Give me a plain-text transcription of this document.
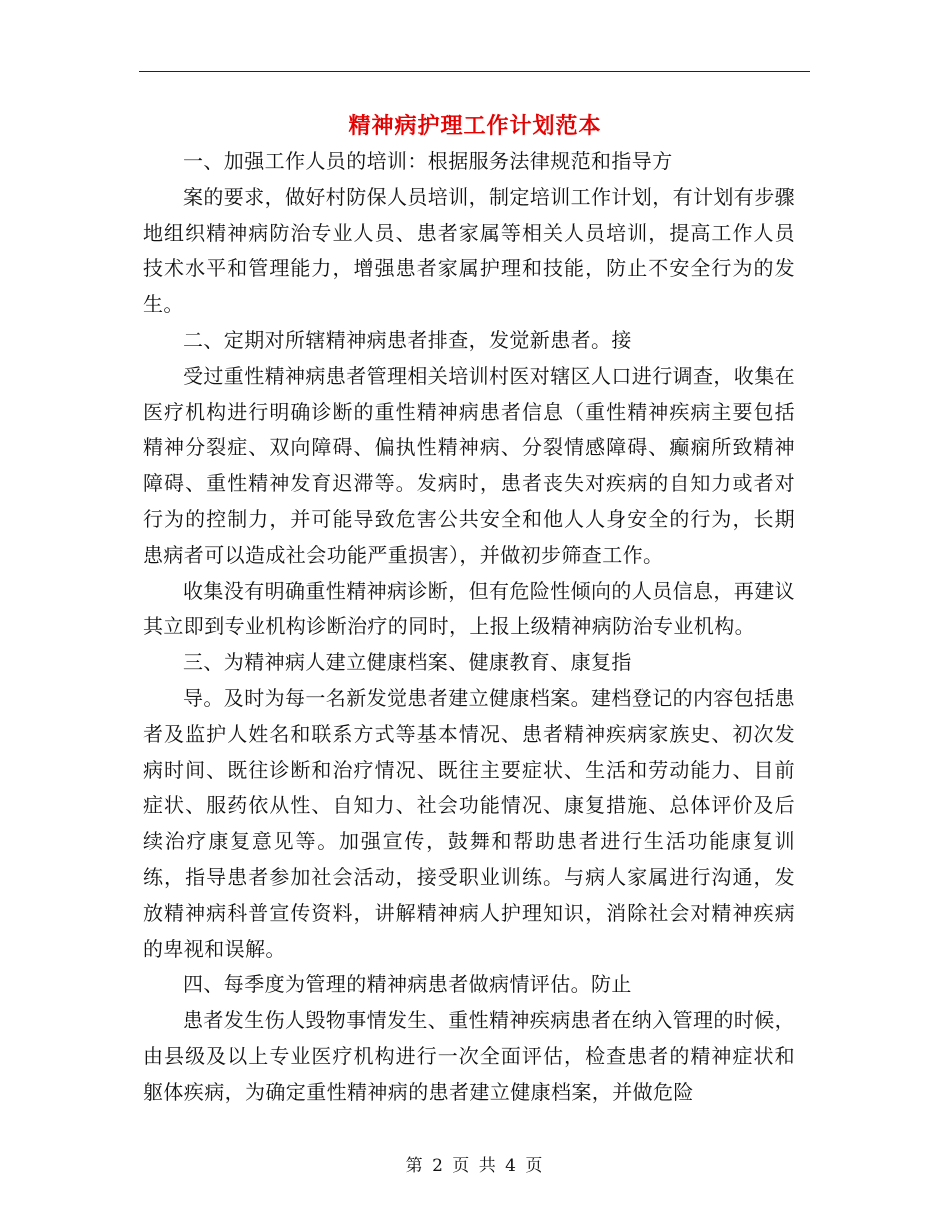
精神病护理工作计划范本

一、加强工作人员的培训：根据服务法律规范和指导方

案的要求，做好村防保人员培训，制定培训工作计划，有计划有步骤地组织精神病防治专业人员、患者家属等相关人员培训，提高工作人员技术水平和管理能力，增强患者家属护理和技能，防止不安全行为的发生。

二、定期对所辖精神病患者排查，发觉新患者。接

受过重性精神病患者管理相关培训村医对辖区人口进行调查，收集在医疗机构进行明确诊断的重性精神病患者信息（重性精神疾病主要包括精神分裂症、双向障碍、偏执性精神病、分裂情感障碍、癫痫所致精神障碍、重性精神发育迟滞等。发病时，患者丧失对疾病的自知力或者对行为的控制力，并可能导致危害公共安全和他人人身安全的行为，长期患病者可以造成社会功能严重损害），并做初步筛查工作。

收集没有明确重性精神病诊断，但有危险性倾向的人员信息，再建议其立即到专业机构诊断治疗的同时，上报上级精神病防治专业机构。

三、为精神病人建立健康档案、健康教育、康复指

导。及时为每一名新发觉患者建立健康档案。建档登记的内容包括患者及监护人姓名和联系方式等基本情况、患者精神疾病家族史、初次发病时间、既往诊断和治疗情况、既往主要症状、生活和劳动能力、目前症状、服药依从性、自知力、社会功能情况、康复措施、总体评价及后续治疗康复意见等。加强宣传，鼓舞和帮助患者进行生活功能康复训练，指导患者参加社会活动，接受职业训练。与病人家属进行沟通，发放精神病科普宣传资料，讲解精神病人护理知识，消除社会对精神疾病的卑视和误解。

四、每季度为管理的精神病患者做病情评估。防止

患者发生伤人毁物事情发生、重性精神疾病患者在纳入管理的时候，由县级及以上专业医疗机构进行一次全面评估，检查患者的精神症状和躯体疾病，为确定重性精神病的患者建立健康档案，并做危险

第 2 页 共 4 页
